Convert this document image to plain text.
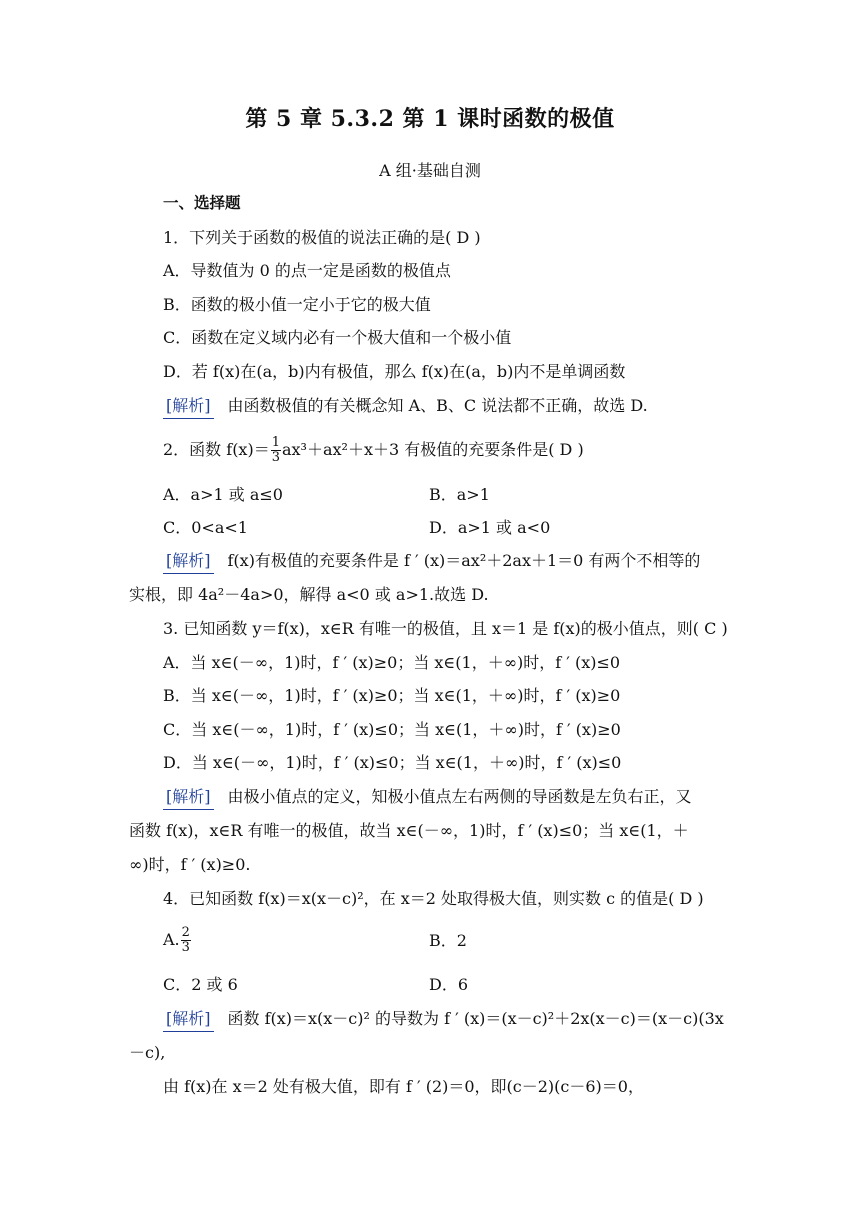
第 5 章 5.3.2 第 1 课时函数的极值
A 组·基础自测
一、选择题
1．下列关于函数的极值的说法正确的是( D )
A．导数值为 0 的点一定是函数的极值点
B．函数的极小值一定小于它的极大值
C．函数在定义域内必有一个极大值和一个极小值
D．若 f(x)在(a，b)内有极值，那么 f(x)在(a，b)内不是单调函数
[解析] 由函数极值的有关概念知 A、B、C 说法都不正确，故选 D.
2．函数 $f(x)= \frac{1}{3} ax^3+ax^2+x+3$ 有极值的充要条件是( D )
A．a>1 或 a≤0	B．a>1
C．0<a<1	D．a>1 或 a<0
[解析] f(x)有极值的充要条件是 f ′ (x)＝ax²＋2ax＋1＝0 有两个不相等的
实根，即 4a²－4a>0，解得 a<0 或 a>1.故选 D.
3. 已知函数 y＝f(x)，x∈R 有唯一的极值，且 x＝1 是 f(x)的极小值点，则( C )
A．当 x∈(－∞，1)时，f ′ (x)≥0；当 x∈(1，＋∞)时，f ′ (x)≤0
B．当 x∈(－∞，1)时，f ′ (x)≥0；当 x∈(1，＋∞)时，f ′ (x)≥0
C．当 x∈(－∞，1)时，f ′ (x)≤0；当 x∈(1，＋∞)时，f ′ (x)≥0
D．当 x∈(－∞，1)时，f ′ (x)≤0；当 x∈(1，＋∞)时，f ′ (x)≤0
[解析] 由极小值点的定义，知极小值点左右两侧的导函数是左负右正，又
函数 f(x)，x∈R 有唯一的极值，故当 x∈(－∞，1)时，f ′ (x)≤0；当 x∈(1，＋
∞)时，f ′ (x)≥0.
4．已知函数 f(x)＝x(x－c)²，在 x＝2 处取得极大值，则实数 c 的值是( D )
A. $\frac{2}{3}$	B．2
C．2 或 6	D．6
[解析] 函数 f(x)＝x(x－c)² 的导数为 f ′ (x)＝(x－c)²＋2x(x－c)＝(x－c)(3x
－c),
由 f(x)在 x＝2 处有极大值，即有 f ′ (2)＝0，即(c－2)(c－6)＝0，
